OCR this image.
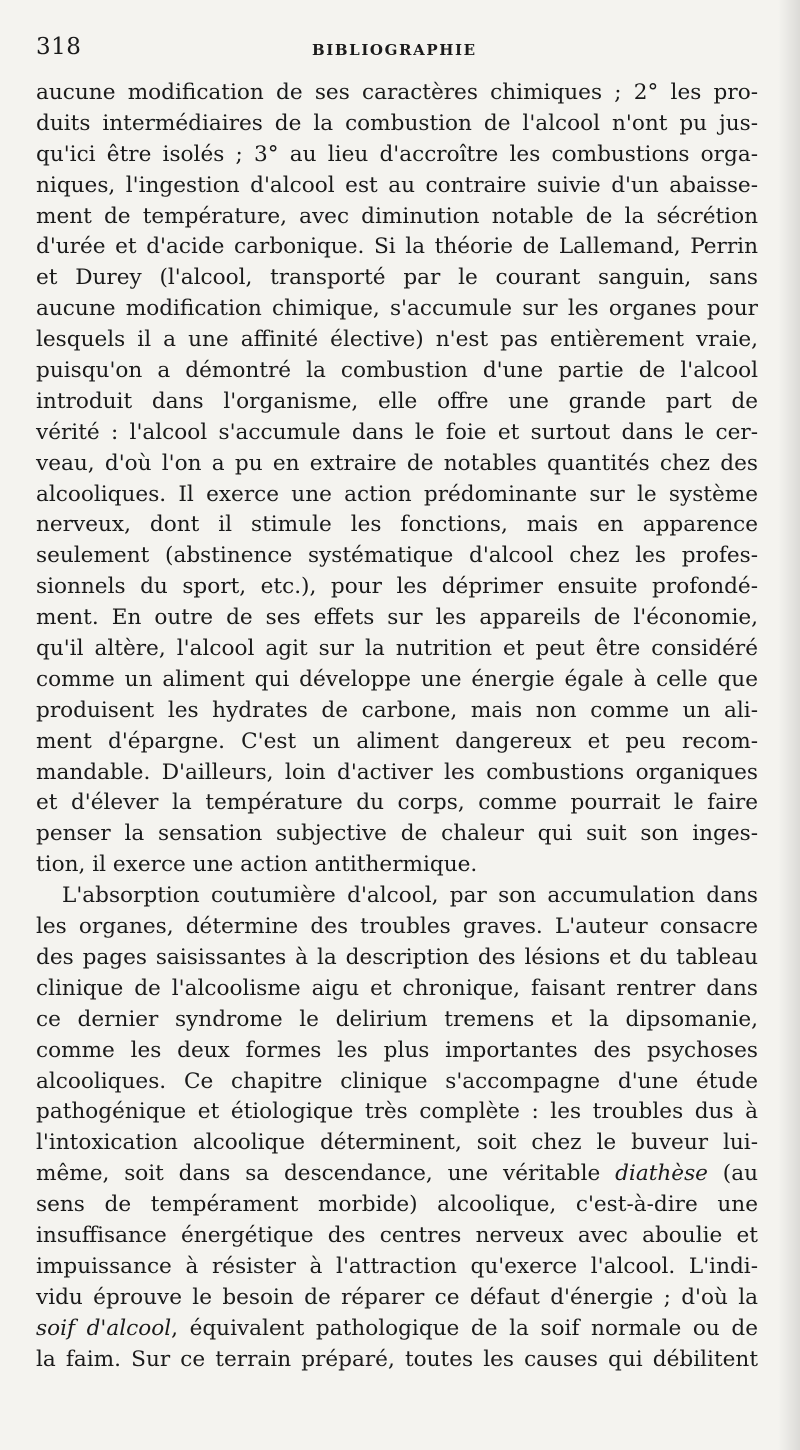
318	BIBLIOGRAPHIE
aucune modification de ses caractères chimiques ; 2° les pro-
duits intermédiaires de la combustion de l'alcool n'ont pu jus-
qu'ici être isolés ; 3° au lieu d'accroître les combustions orga-
niques, l'ingestion d'alcool est au contraire suivie d'un abaisse-
ment de température, avec diminution notable de la sécrétion
d'urée et d'acide carbonique. Si la théorie de Lallemand, Perrin
et Durey (l'alcool, transporté par le courant sanguin, sans
aucune modification chimique, s'accumule sur les organes pour
lesquels il a une affinité élective) n'est pas entièrement vraie,
puisqu'on a démontré la combustion d'une partie de l'alcool
introduit dans l'organisme, elle offre une grande part de
vérité : l'alcool s'accumule dans le foie et surtout dans le cer-
veau, d'où l'on a pu en extraire de notables quantités chez des
alcooliques. Il exerce une action prédominante sur le système
nerveux, dont il stimule les fonctions, mais en apparence
seulement (abstinence systématique d'alcool chez les profes-
sionnels du sport, etc.), pour les déprimer ensuite profondé-
ment. En outre de ses effets sur les appareils de l'économie,
qu'il altère, l'alcool agit sur la nutrition et peut être considéré
comme un aliment qui développe une énergie égale à celle que
produisent les hydrates de carbone, mais non comme un ali-
ment d'épargne. C'est un aliment dangereux et peu recom-
mandable. D'ailleurs, loin d'activer les combustions organiques
et d'élever la température du corps, comme pourrait le faire
penser la sensation subjective de chaleur qui suit son inges-
tion, il exerce une action antithermique.
L'absorption coutumière d'alcool, par son accumulation dans
les organes, détermine des troubles graves. L'auteur consacre
des pages saisissantes à la description des lésions et du tableau
clinique de l'alcoolisme aigu et chronique, faisant rentrer dans
ce dernier syndrome le delirium tremens et la dipsomanie,
comme les deux formes les plus importantes des psychoses
alcooliques. Ce chapitre clinique s'accompagne d'une étude
pathogénique et étiologique très complète : les troubles dus à
l'intoxication alcoolique déterminent, soit chez le buveur lui-
même, soit dans sa descendance, une véritable diathèse (au
sens de tempérament morbide) alcoolique, c'est-à-dire une
insuffisance énergétique des centres nerveux avec aboulie et
impuissance à résister à l'attraction qu'exerce l'alcool. L'indi-
vidu éprouve le besoin de réparer ce défaut d'énergie ; d'où la
soif d'alcool, équivalent pathologique de la soif normale ou de
la faim. Sur ce terrain préparé, toutes les causes qui débilitent
